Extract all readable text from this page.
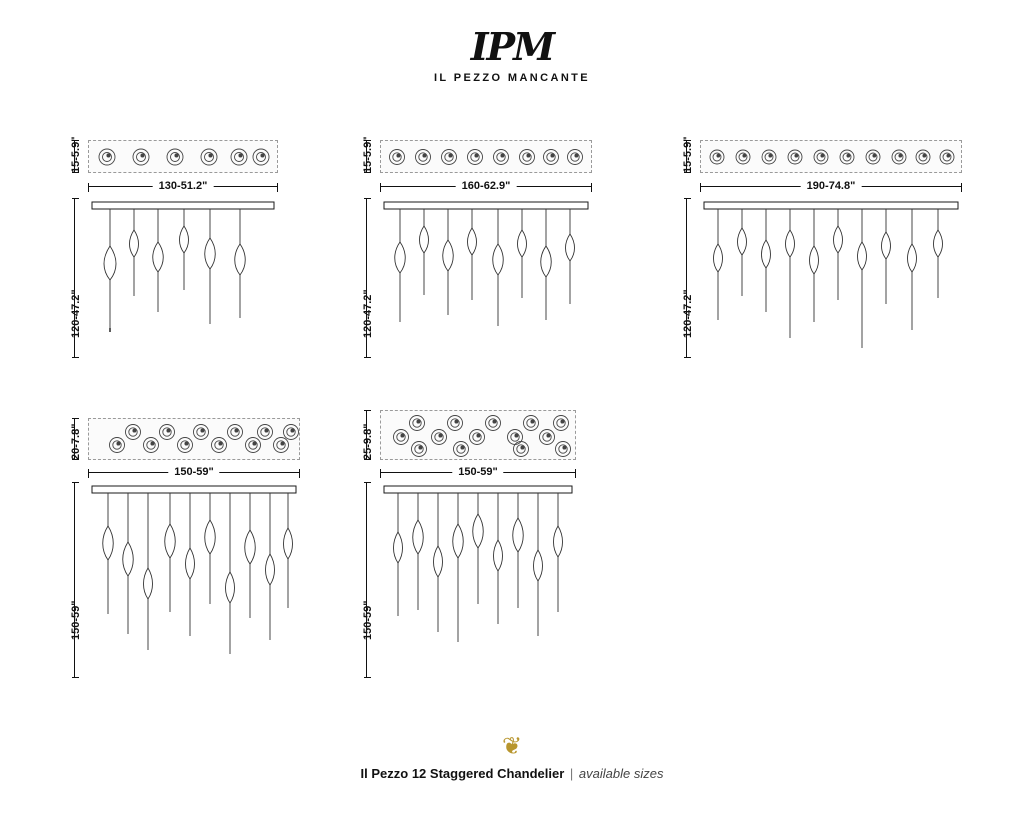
IPM
IL PEZZO MANCANTE
15-5.9"
130-51.2"
120-47.2"
15-5.9"
160-62.9"
120-47.2"
15-5.9"
190-74.8"
120-47.2"
20-7.8"
150-59"
150-59"
25-9.8"
150-59"
150-59"
❦
Il Pezzo 12 Staggered Chandelier | available sizes
